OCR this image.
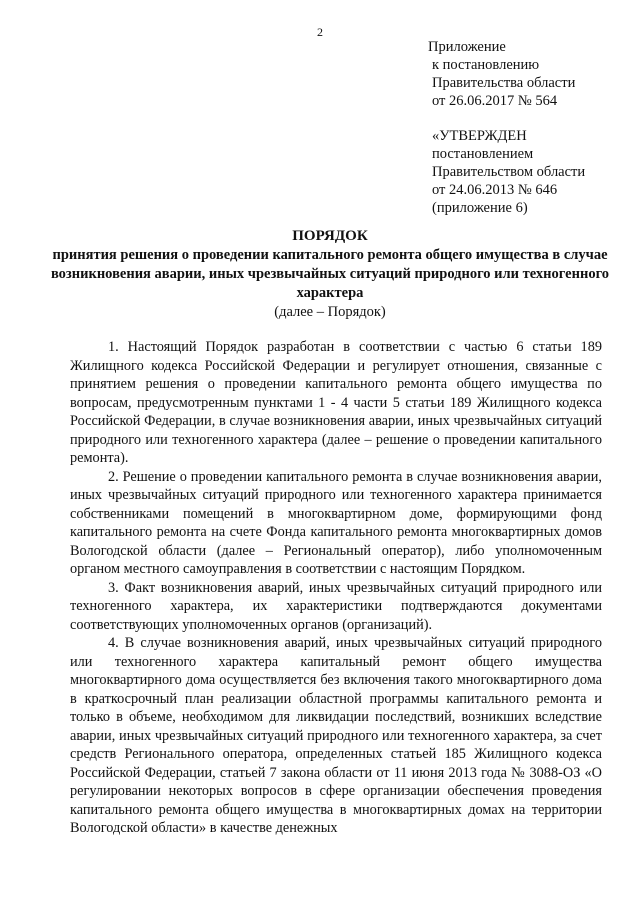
2
Приложение
к постановлению
Правительства области
от 26.06.2017 № 564
«УТВЕРЖДЕН
постановлением
Правительством области
от 24.06.2013 № 646
(приложение 6)

ПОРЯДОК

принятия решения о проведении капитального ремонта общего имущества в случае возникновения аварии, иных чрезвычайных ситуаций природного или техногенного характера

(далее – Порядок)

1. Настоящий Порядок разработан в соответствии с частью 6 статьи 189 Жилищного кодекса Российской Федерации и регулирует отношения, связанные с принятием решения о проведении капитального ремонта общего имущества по вопросам, предусмотренным пунктами 1 - 4 части 5 статьи 189 Жилищного кодекса Российской Федерации, в случае возникновения аварии, иных чрезвычайных ситуаций природного или техногенного характера (далее – решение о проведении капитального ремонта).

2. Решение о проведении капитального ремонта в случае возникновения аварии, иных чрезвычайных ситуаций природного или техногенного характера принимается собственниками помещений в многоквартирном доме, формирующими фонд капитального ремонта на счете Фонда капитального ремонта многоквартирных домов Вологодской области (далее – Региональный оператор), либо уполномоченным органом местного самоуправления в соответствии с настоящим Порядком.

3. Факт возникновения аварий, иных чрезвычайных ситуаций природного или техногенного характера, их характеристики подтверждаются документами соответствующих уполномоченных органов (организаций).

4. В случае возникновения аварий, иных чрезвычайных ситуаций природного или техногенного характера капитальный ремонт общего имущества многоквартирного дома осуществляется без включения такого многоквартирного дома в краткосрочный план реализации областной программы капитального ремонта и только в объеме, необходимом для ликвидации последствий, возникших вследствие аварии, иных чрезвычайных ситуаций природного или техногенного характера, за счет средств Регионального оператора, определенных статьей 185 Жилищного кодекса Российской Федерации, статьей 7 закона области от 11 июня 2013 года № 3088-ОЗ «О регулировании некоторых вопросов в сфере организации обеспечения проведения капитального ремонта общего имущества в многоквартирных домах на территории Вологодской области» в качестве денежных
